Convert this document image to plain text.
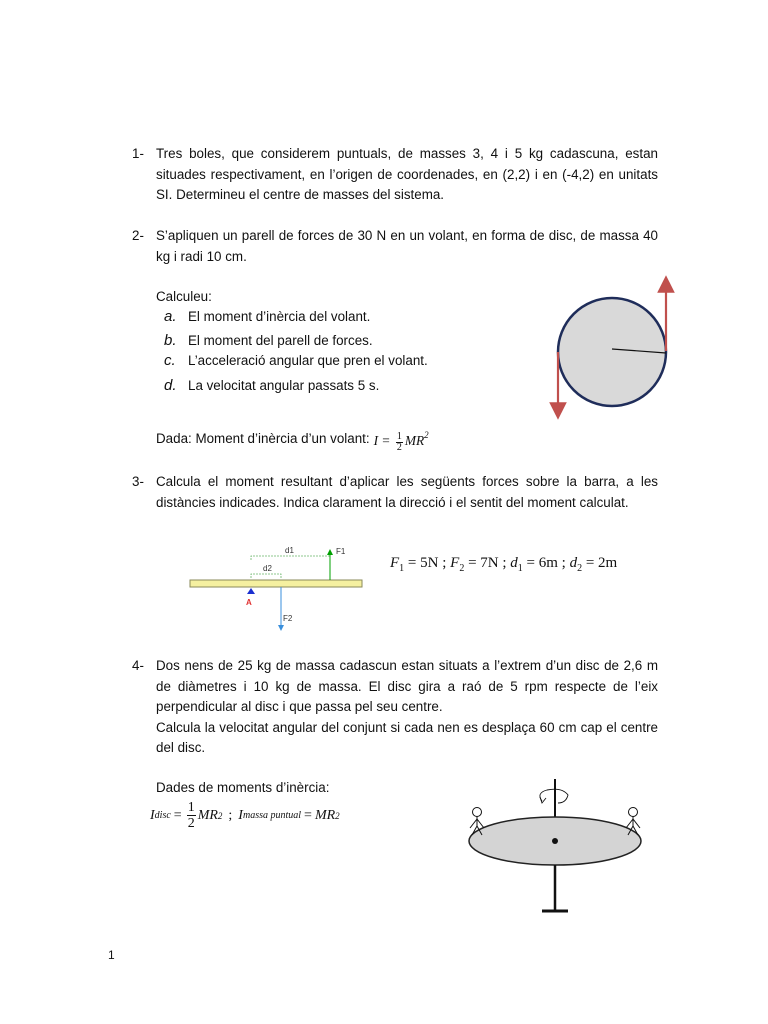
1- Tres boles, que considerem puntuals, de masses 3, 4 i 5 kg cadascuna, estan situades respectivament, en l’origen de coordenades, en (2,2) i en (-4,2) en unitats SI. Determineu el centre de masses del sistema.
2- S’apliquen un parell de forces de 30 N en un volant, en forma de disc, de massa 40 kg i radi 10 cm.
Calculeu:
a. El moment d’inèrcia del volant.
b. El moment del parell de forces.
c. L’acceleració angular que pren el volant.
d. La velocitat angular passats 5 s.
Dada: Moment d’inèrcia d’un volant: $I = \frac{1}{2} MR^2$
3- Calcula el moment resultant d’aplicar les següents forces sobre la barra, a les distàncies indicades. Indica clarament la direcció i el sentit del moment calculat.
d1
d2
F1
F2
A
$F_1 = 5N$ ; $F_2 = 7N$ ; $d_1 = 6m$ ; $d_2 = 2m$
4- Dos nens de 25 kg de massa cadascun estan situats a l’extrem d’un disc de 2,6 m de diàmetres i 10 kg de massa. El disc gira a raó de 5 rpm respecte de l’eix perpendicular al disc i que passa pel seu centre.
Calcula la velocitat angular del conjunt si cada nen es desplaça 60 cm cap el centre del disc.
Dades de moments d’inèrcia:
I disc = $\frac{1}{2}$ MR 2 ; I massa puntual = MR 2
1
